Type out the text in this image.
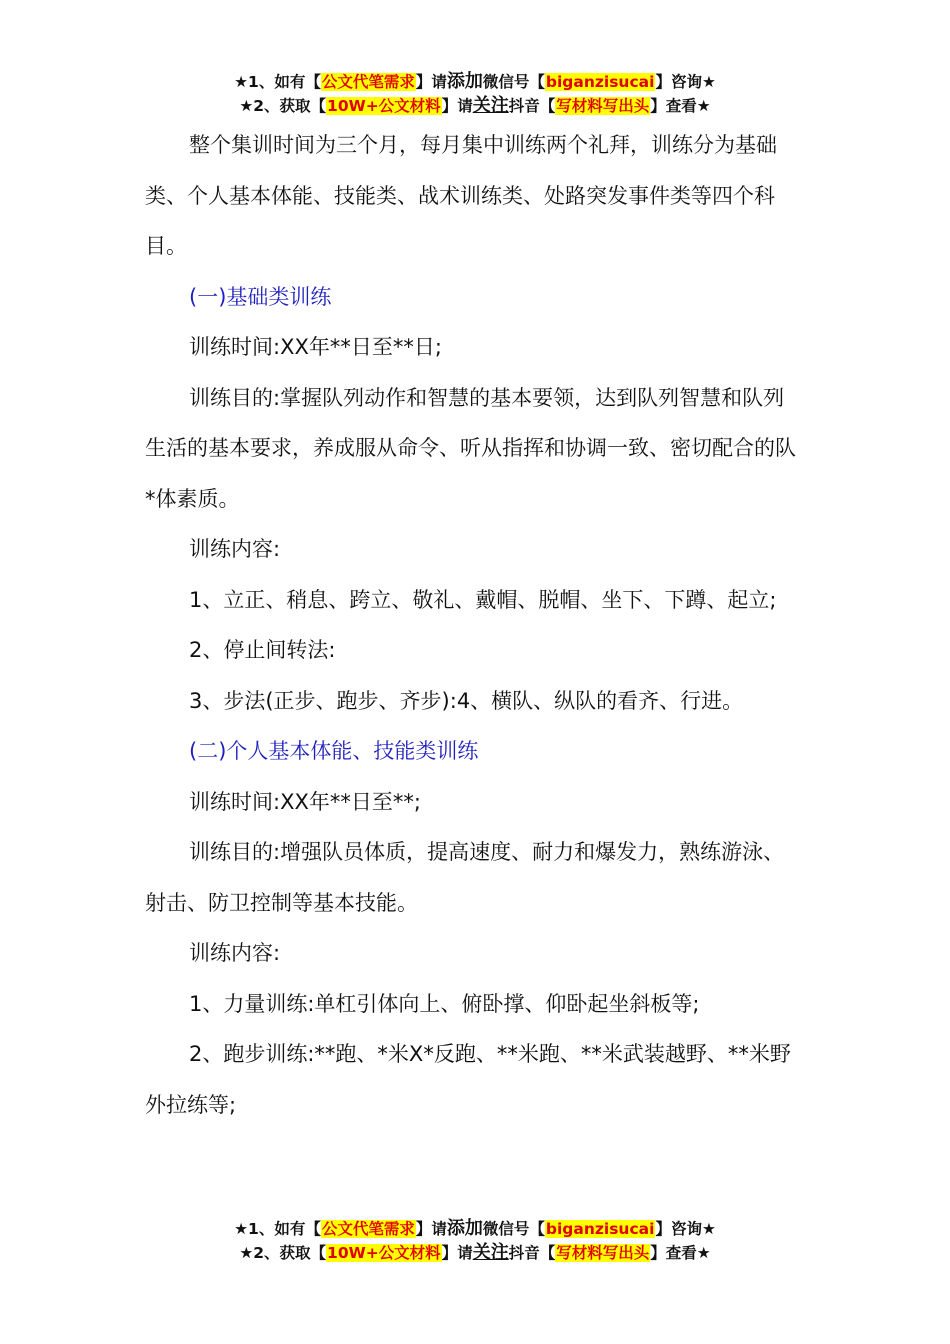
★1、如有【公文代笔需求】请添加微信号【biganzisucai】咨询★
★2、获取【10W+公文材料】请关注抖音【写材料写出头】查看★

整个集训时间为三个月，每月集中训练两个礼拜，训练分为基础类、个人基本体能、技能类、战术训练类、处路突发事件类等四个科目。

(一)基础类训练

训练时间:XX年**日至**日;

训练目的:掌握队列动作和智慧的基本要领，达到队列智慧和队列生活的基本要求，养成服从命令、听从指挥和协调一致、密切配合的队*体素质。

训练内容:

1、立正、稍息、跨立、敬礼、戴帽、脱帽、坐下、下蹲、起立;

2、停止间转法:

3、步法(正步、跑步、齐步):4、横队、纵队的看齐、行进。

(二)个人基本体能、技能类训练

训练时间:XX年**日至**;

训练目的:增强队员体质，提高速度、耐力和爆发力，熟练游泳、射击、防卫控制等基本技能。

训练内容:

1、力量训练:单杠引体向上、俯卧撑、仰卧起坐斜板等;

2、跑步训练:**跑、*米X*反跑、**米跑、**米武装越野、**米野外拉练等;

★1、如有【公文代笔需求】请添加微信号【biganzisucai】咨询★
★2、获取【10W+公文材料】请关注抖音【写材料写出头】查看★
